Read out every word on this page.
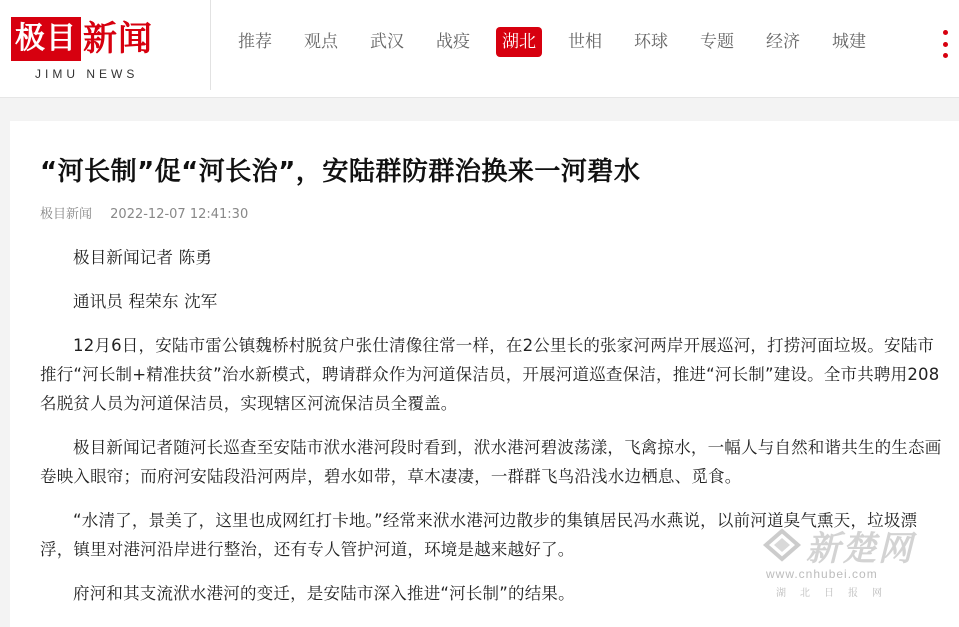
极目 新闻
JIMU NEWS
推荐	观点	武汉	战疫	湖北	世相	环球	专题	经济	城建
“河长制”促“河长治”，安陆群防群治换来一河碧水
极目新闻 2022-12-07 12:41:30

极目新闻记者 陈勇

通讯员 程荣东 沈军

12月6日，安陆市雷公镇魏桥村脱贫户张仕清像往常一样，在2公里长的张家河两岸开展巡河，打捞河面垃圾。安陆市推行“河长制+精准扶贫”治水新模式，聘请群众作为河道保洁员，开展河道巡查保洁，推进“河长制”建设。全市共聘用208名脱贫人员为河道保洁员，实现辖区河流保洁员全覆盖。

极目新闻记者随河长巡查至安陆市洑水港河段时看到，洑水港河碧波荡漾，飞禽掠水，一幅人与自然和谐共生的生态画卷映入眼帘；而府河安陆段沿河两岸，碧水如带，草木凄凄，一群群飞鸟沿浅水边栖息、觅食。

“水清了，景美了，这里也成网红打卡地。”经常来洑水港河边散步的集镇居民冯水燕说，以前河道臭气熏天，垃圾漂浮，镇里对港河沿岸进行整治，还有专人管护河道，环境是越来越好了。

府河和其支流洑水港河的变迁，是安陆市深入推进“河长制”的结果。

新楚网
www.cnhubei.com
湖北日报网
